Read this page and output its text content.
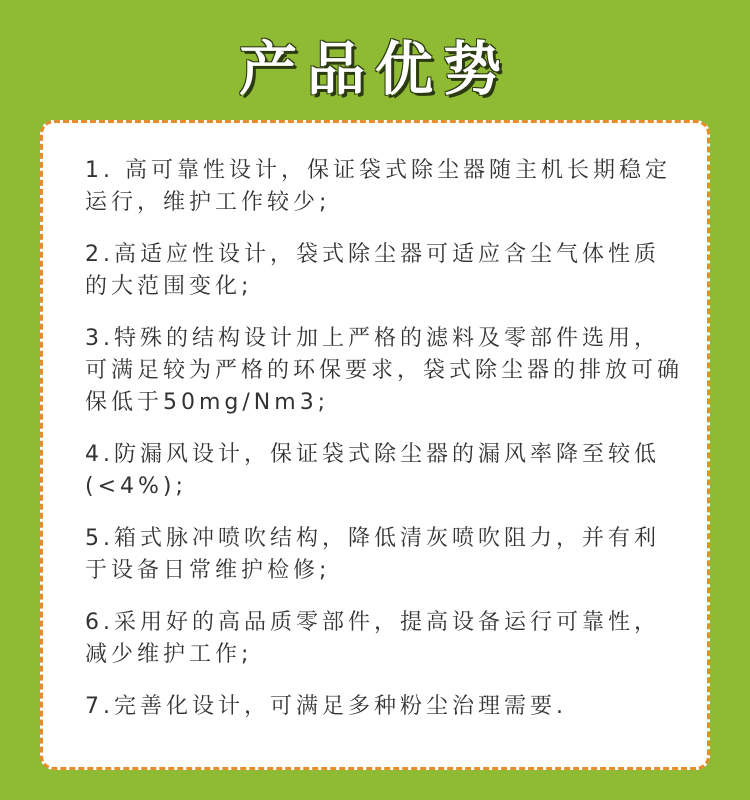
产品优势
1. 高可靠性设计，保证袋式除尘器随主机长期稳定运行，维护工作较少;
2.高适应性设计，袋式除尘器可适应含尘气体性质的大范围变化;
3.特殊的结构设计加上严格的滤料及零部件选用，可满足较为严格的环保要求，袋式除尘器的排放可确保低于50mg/Nm3;
4.防漏风设计，保证袋式除尘器的漏风率降至较低(<4%);
5.箱式脉冲喷吹结构，降低清灰喷吹阻力，并有利于设备日常维护检修;
6.采用好的高品质零部件，提高设备运行可靠性，减少维护工作;
7.完善化设计，可满足多种粉尘治理需要.
